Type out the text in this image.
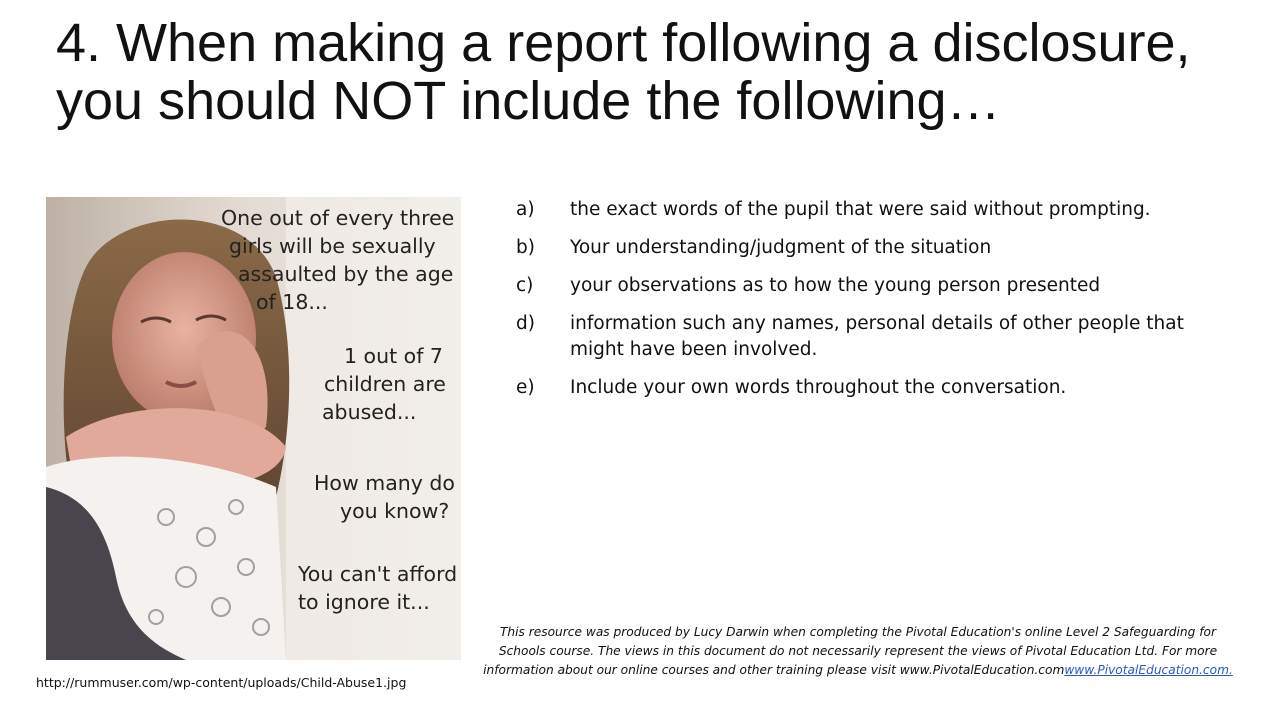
4. When making a report following a disclosure, you should NOT include the following…
One out of every three
girls will be sexually
assaulted by the age
of 18...
1 out of 7
children are
abused...
How many do
you know?
You can't afford
to ignore it...
http://rummuser.com/wp-content/uploads/Child-Abuse1.jpg
a)	the exact words of the pupil that were said without prompting.
b)	Your understanding/judgment of the situation
c)	your observations as to how the young person presented
d)	information such any names, personal details of other people that might have been involved.
e)	Include your own words throughout the conversation.
This resource was produced by Lucy Darwin when completing the Pivotal Education's online Level 2 Safeguarding for Schools course. The views in this document do not necessarily represent the views of Pivotal Education Ltd. For more information about our online courses and other training please visit www.PivotalEducation.comwww.PivotalEducation.com.
